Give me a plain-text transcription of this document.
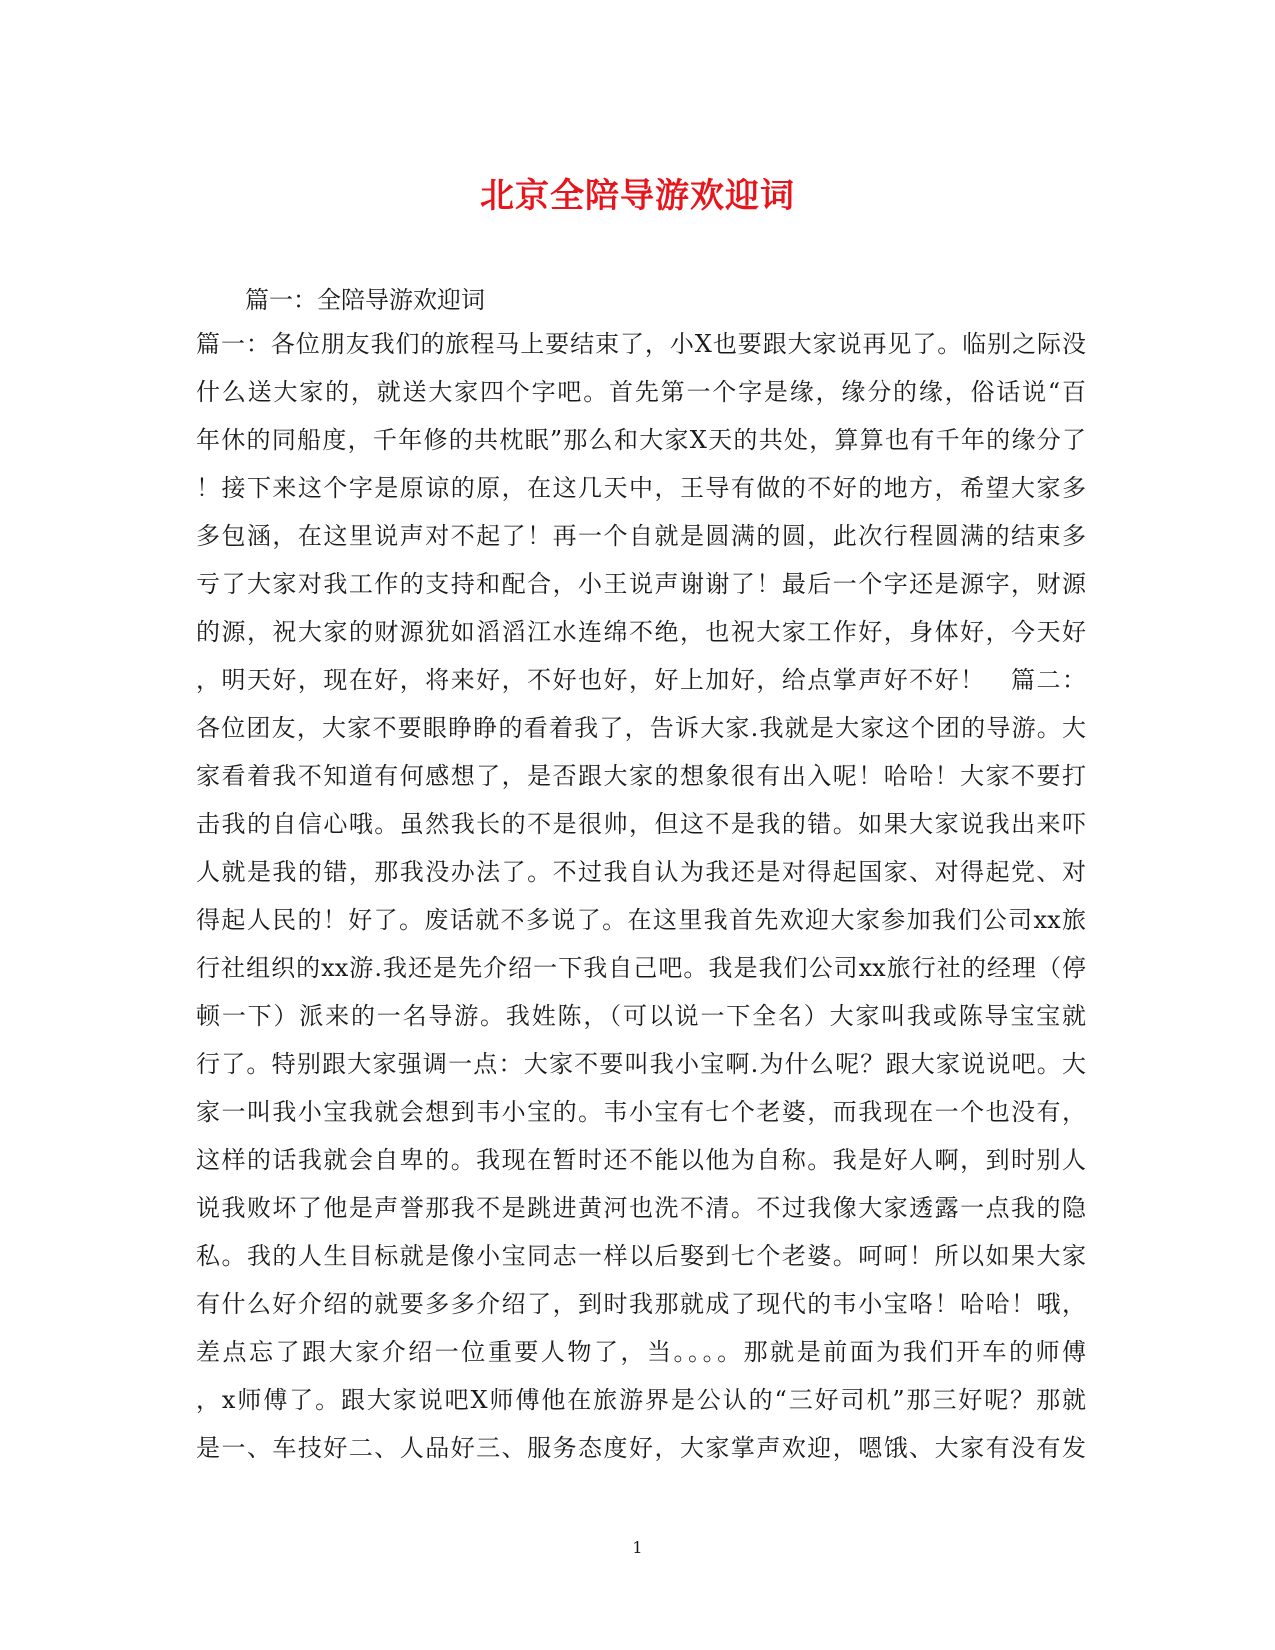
北京全陪导游欢迎词

篇一：全陪导游欢迎词

篇一：各位朋友我们的旅程马上要结束了，小X也要跟大家说再见了。临别之际没
什么送大家的，就送大家四个字吧。首先第一个字是缘，缘分的缘，俗话说“百
年休的同船度，千年修的共枕眠”那么和大家X天的共处，算算也有千年的缘分了
！接下来这个字是原谅的原，在这几天中，王导有做的不好的地方，希望大家多
多包涵，在这里说声对不起了！再一个自就是圆满的圆，此次行程圆满的结束多
亏了大家对我工作的支持和配合，小王说声谢谢了！最后一个字还是源字，财源
的源，祝大家的财源犹如滔滔江水连绵不绝，也祝大家工作好，身体好，今天好
，明天好，现在好，将来好，不好也好，好上加好，给点掌声好不好！　篇二：
各位团友，大家不要眼睁睁的看着我了，告诉大家.我就是大家这个团的导游。大
家看着我不知道有何感想了，是否跟大家的想象很有出入呢！哈哈！大家不要打
击我的自信心哦。虽然我长的不是很帅，但这不是我的错。如果大家说我出来吓
人就是我的错，那我没办法了。不过我自认为我还是对得起国家、对得起党、对
得起人民的！好了。废话就不多说了。在这里我首先欢迎大家参加我们公司xx旅
行社组织的xx游.我还是先介绍一下我自己吧。我是我们公司xx旅行社的经理（停
顿一下）派来的一名导游。我姓陈，（可以说一下全名）大家叫我或陈导宝宝就
行了。特别跟大家强调一点：大家不要叫我小宝啊.为什么呢？跟大家说说吧。大
家一叫我小宝我就会想到韦小宝的。韦小宝有七个老婆，而我现在一个也没有，
这样的话我就会自卑的。我现在暂时还不能以他为自称。我是好人啊，到时别人
说我败坏了他是声誉那我不是跳进黄河也洗不清。不过我像大家透露一点我的隐
私。我的人生目标就是像小宝同志一样以后娶到七个老婆。呵呵！所以如果大家
有什么好介绍的就要多多介绍了，到时我那就成了现代的韦小宝咯！哈哈！哦，
差点忘了跟大家介绍一位重要人物了，当。。。。那就是前面为我们开车的师傅
，x师傅了。跟大家说吧X师傅他在旅游界是公认的“三好司机”那三好呢？那就
是一、车技好二、人品好三、服务态度好，大家掌声欢迎，嗯饿、大家有没有发

1
